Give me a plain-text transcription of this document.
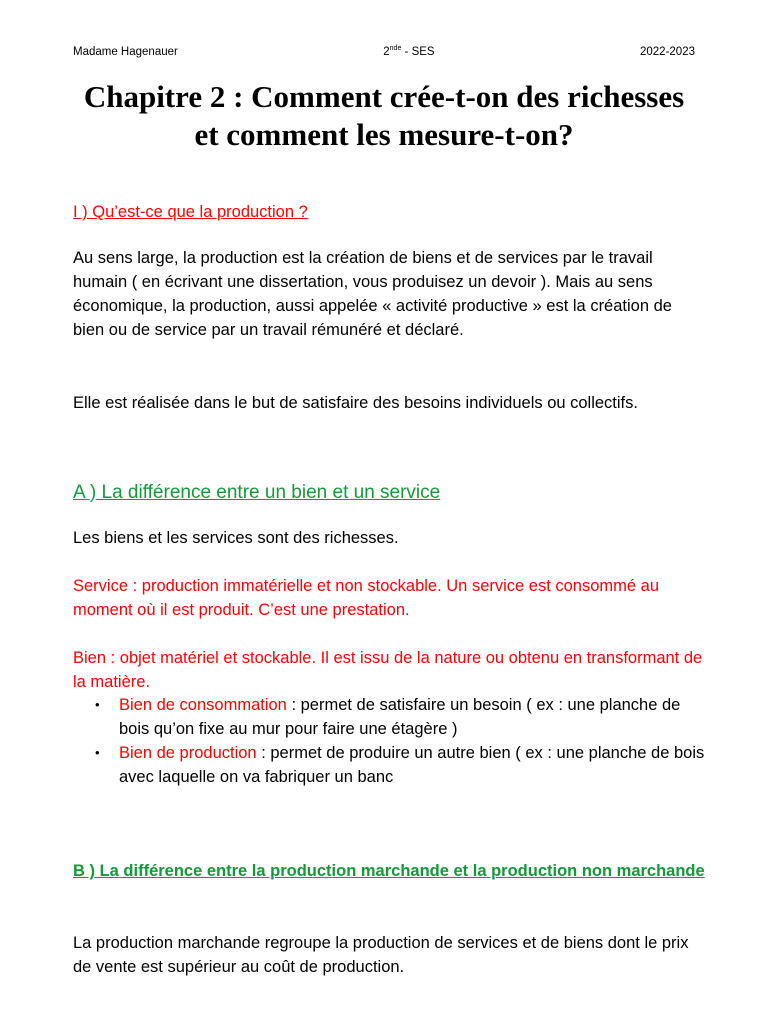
Madame Hagenauer	2nde - SES	2022-2023
Chapitre 2 : Comment crée-t-on des richesses et comment les mesure-t-on?

I ) Qu’est-ce que la production ?

Au sens large, la production est la création de biens et de services par le travail humain ( en écrivant une dissertation, vous produisez un devoir ). Mais au sens économique, la production, aussi appelée « activité productive » est la création de bien ou de service par un travail rémunéré et déclaré.

Elle est réalisée dans le but de satisfaire des besoins individuels ou collectifs.

A ) La différence entre un bien et un service

Les biens et les services sont des richesses.

Service : production immatérielle et non stockable. Un service est consommé au moment où il est produit. C’est une prestation.

Bien : objet matériel et stockable. Il est issu de la nature ou obtenu en transformant de la matière.

• Bien de consommation : permet de satisfaire un besoin ( ex : une planche de bois qu’on fixe au mur pour faire une étagère )
• Bien de production : permet de produire un autre bien ( ex : une planche de bois avec laquelle on va fabriquer un banc

B ) La différence entre la production marchande et la production non marchande

La production marchande regroupe la production de services et de biens dont le prix de vente est supérieur au coût de production.
